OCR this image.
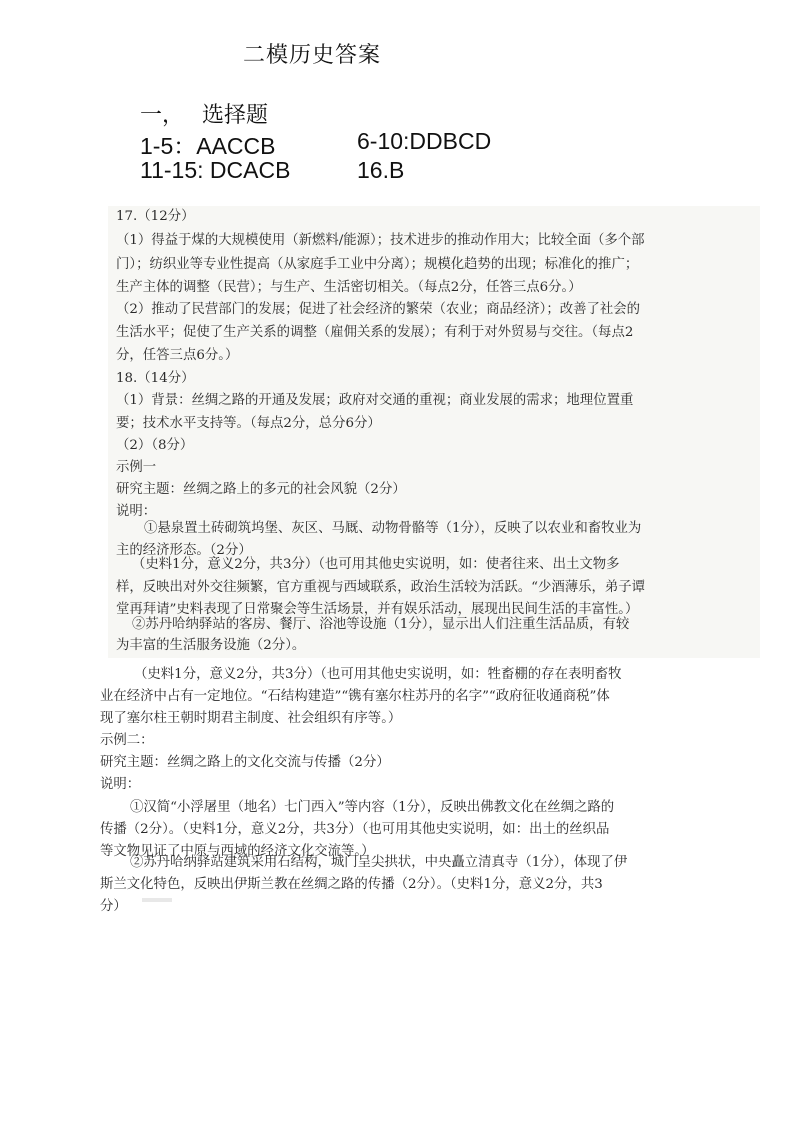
二模历史答案
一， 选择题
1-5：AACCB	6-10:DDBCD
11-15: DCACB	16.B
17.（12分）
（1）得益于煤的大规模使用（新燃料/能源）；技术进步的推动作用大；比较全面（多个部
门）；纺织业等专业性提高（从家庭手工业中分离）；规模化趋势的出现；标准化的推广；
生产主体的调整（民营）；与生产、生活密切相关。（每点2分，任答三点6分。）
（2）推动了民营部门的发展；促进了社会经济的繁荣（农业；商品经济）；改善了社会的
生活水平；促使了生产关系的调整（雇佣关系的发展）；有利于对外贸易与交往。（每点2
分，任答三点6分。）
18.（14分）
（1）背景：丝绸之路的开通及发展；政府对交通的重视；商业发展的需求；地理位置重
要；技术水平支持等。（每点2分，总分6分）
（2）（8分）
示例一
研究主题：丝绸之路上的多元的社会风貌（2分）
说明：
①悬泉置土砖砌筑坞堡、灰区、马厩、动物骨骼等（1分），反映了以农业和畜牧业为
主的经济形态。（2分）
（史料1分，意义2分，共3分）（也可用其他史实说明，如：使者往来、出土文物多
样，反映出对外交往频繁，官方重视与西域联系，政治生活较为活跃。“少酒薄乐，弟子谭
堂再拜请”史料表现了日常聚会等生活场景，并有娱乐活动，展现出民间生活的丰富性。）
②苏丹哈纳驿站的客房、餐厅、浴池等设施（1分），显示出人们注重生活品质，有较
为丰富的生活服务设施（2分）。
（史料1分，意义2分，共3分）（也可用其他史实说明，如：牲畜棚的存在表明畜牧
业在经济中占有一定地位。“石结构建造”“镌有塞尔柱苏丹的名字”“政府征收通商税”体
现了塞尔柱王朝时期君主制度、社会组织有序等。）
示例二：
研究主题：丝绸之路上的文化交流与传播（2分）
说明：
①汉简“小浮屠里（地名）七门西入”等内容（1分），反映出佛教文化在丝绸之路的
传播（2分）。（史料1分，意义2分，共3分）（也可用其他史实说明，如：出土的丝织品
等文物见证了中原与西域的经济文化交流等。）
②苏丹哈纳驿站建筑采用石结构，城门呈尖拱状，中央矗立清真寺（1分），体现了伊
斯兰文化特色，反映出伊斯兰教在丝绸之路的传播（2分）。（史料1分，意义2分，共3
分）
